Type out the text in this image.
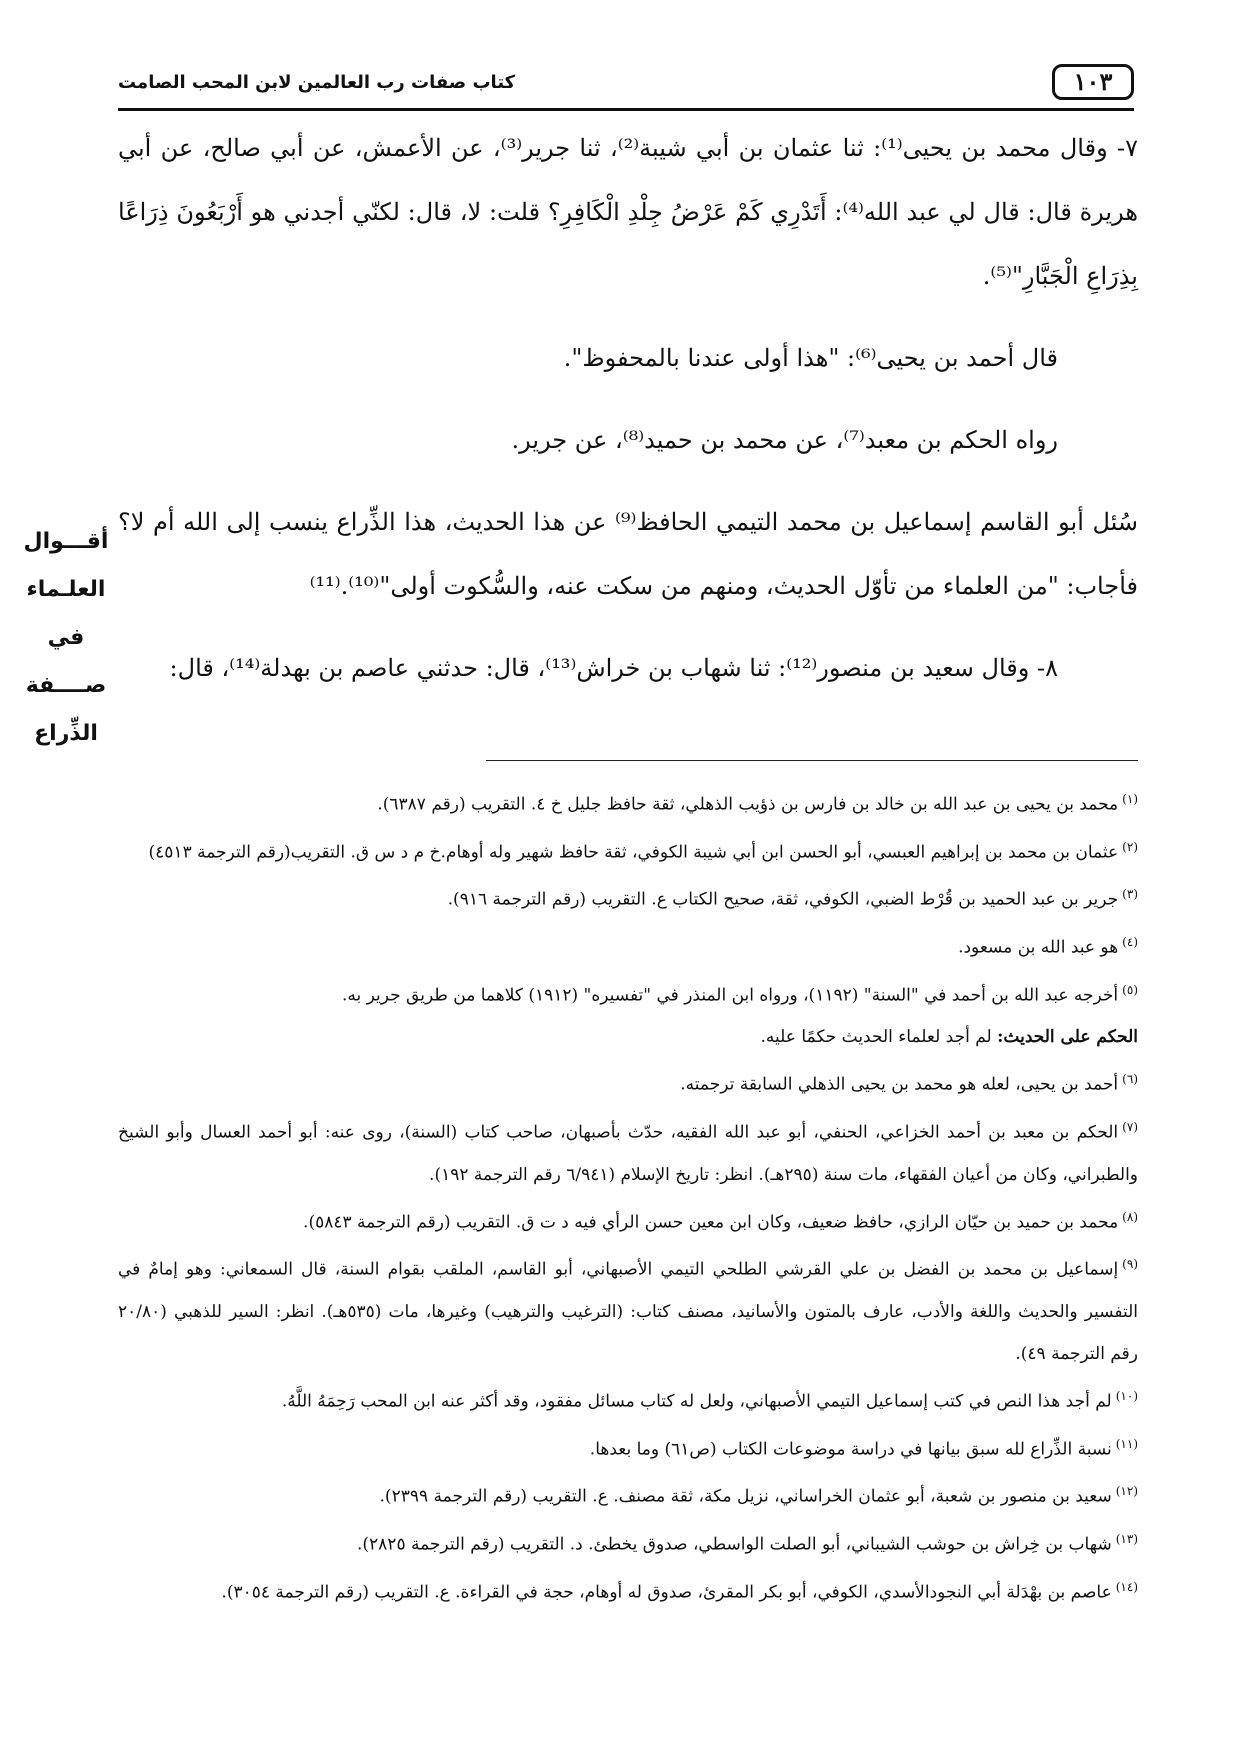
١٠٣
كتاب صفات رب العالمين لابن المحب الصامت

٧- وقال محمد بن يحيى⁽¹⁾: ثنا عثمان بن أبي شيبة⁽²⁾، ثنا جرير⁽³⁾، عن الأعمش، عن أبي صالح، عن أبي هريرة قال: قال لي عبد الله⁽⁴⁾: أَتَدْرِي كَمْ عَرْضُ جِلْدِ الْكَافِرِ؟ قلت: لا، قال: لكنّي أجدني هو أَرْبَعُونَ ذِرَاعًا بِذِرَاعِ الْجَبَّارِ"⁽⁵⁾.

قال أحمد بن يحيى⁽⁶⁾: "هذا أولى عندنا بالمحفوظ".

رواه الحكم بن معبد⁽⁷⁾، عن محمد بن حميد⁽⁸⁾، عن جرير.

سُئل أبو القاسم إسماعيل بن محمد التيمي الحافظ⁽⁹⁾ عن هذا الحديث، هذا الذِّراع ينسب إلى الله أم لا؟ فأجاب: "من العلماء من تأوّل الحديث، ومنهم من سكت عنه، والسُّكوت أولى"⁽¹⁰⁾.⁽¹¹⁾

٨- وقال سعيد بن منصور⁽¹²⁾: ثنا شهاب بن خراش⁽¹³⁾، قال: حدثني عاصم بن بهدلة⁽¹⁴⁾، قال:

أقـــوال
العلـماء في
صــــفة
الذِّراع

$^{(١)}$محمد بن يحيى بن عبد الله بن خالد بن فارس بن ذؤيب الذهلي، ثقة حافظ جليل خ ٤. التقريب (رقم ٦٣٨٧).

$^{(٢)}$عثمان بن محمد بن إبراهيم العبسي، أبو الحسن ابن أبي شيبة الكوفي، ثقة حافظ شهير وله أوهام.خ م د س ق. التقريب(رقم الترجمة ٤٥١٣)

$^{(٣)}$جرير بن عبد الحميد بن قُرْط الضبي، الكوفي، ثقة، صحيح الكتاب ع. التقريب (رقم الترجمة ٩١٦).

$^{(٤)}$هو عبد الله بن مسعود.

$^{(٥)}$أخرجه عبد الله بن أحمد في "السنة" (١١٩٢)، ورواه ابن المنذر في "تفسيره" (١٩١٢) كلاهما من طريق جرير به.

الحكم على الحديث: لم أجد لعلماء الحديث حكمًا عليه.

$^{(٦)}$أحمد بن يحيى، لعله هو محمد بن يحيى الذهلي السابقة ترجمته.

$^{(٧)}$الحكم بن معبد بن أحمد الخزاعي، الحنفي، أبو عبد الله الفقيه، حدّث بأصبهان، صاحب كتاب (السنة)، روى عنه: أبو أحمد العسال وأبو الشيخ والطبراني، وكان من أعيان الفقهاء، مات سنة (٢٩٥هـ). انظر: تاريخ الإسلام (٦/٩٤١ رقم الترجمة ١٩٢).

$^{(٨)}$محمد بن حميد بن حيّان الرازي، حافظ ضعيف، وكان ابن معين حسن الرأي فيه د ت ق. التقريب (رقم الترجمة ٥٨٤٣).

$^{(٩)}$إسماعيل بن محمد بن الفضل بن علي القرشي الطلحي التيمي الأصبهاني، أبو القاسم، الملقب بقوام السنة، قال السمعاني: وهو إمامٌ في التفسير والحديث واللغة والأدب، عارف بالمتون والأسانيد، مصنف كتاب: (الترغيب والترهيب) وغيرها، مات (٥٣٥هـ). انظر: السير للذهبي (٢٠/٨٠ رقم الترجمة ٤٩).

$^{(١٠)}$لم أجد هذا النص في كتب إسماعيل التيمي الأصبهاني، ولعل له كتاب مسائل مفقود، وقد أكثر عنه ابن المحب رَحِمَهُ اللَّهُ.

$^{(١١)}$نسبة الذِّراع لله سبق بيانها في دراسة موضوعات الكتاب (ص٦١) وما بعدها.

$^{(١٢)}$سعيد بن منصور بن شعبة، أبو عثمان الخراساني، نزيل مكة، ثقة مصنف. ع. التقريب (رقم الترجمة ٢٣٩٩).

$^{(١٣)}$شهاب بن خِراش بن حوشب الشيباني، أبو الصلت الواسطي، صدوق يخطئ. د. التقريب (رقم الترجمة ٢٨٢٥).

$^{(١٤)}$عاصم بن بهْدَلة أبي النجودالأسدي، الكوفي، أبو بكر المقرئ، صدوق له أوهام، حجة في القراءة. ع. التقريب (رقم الترجمة ٣٠٥٤).
